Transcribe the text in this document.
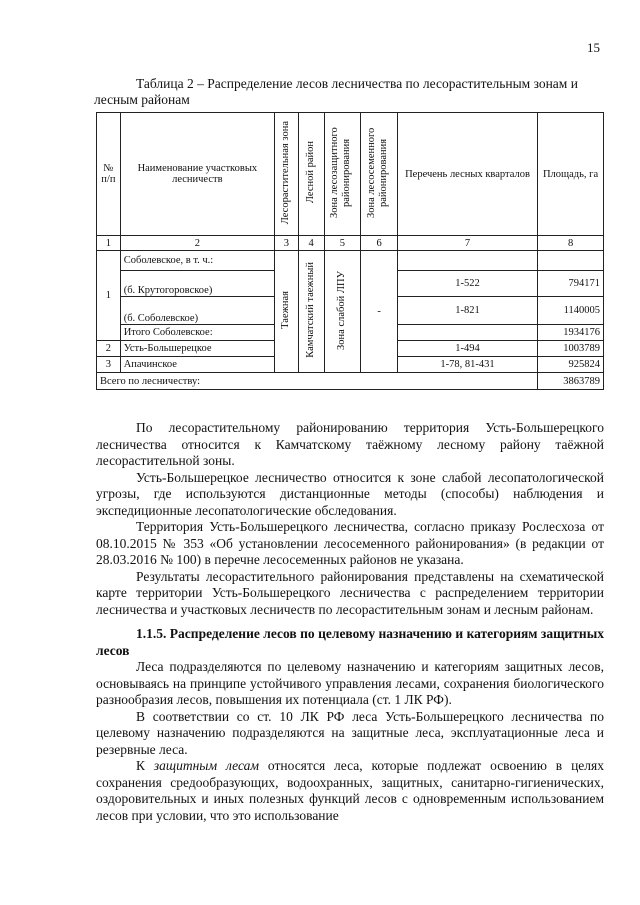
15
Таблица 2 – Распределение лесов лесничества по лесорастительным зонам и
лесным районам
№ п/п	Наименование участковых лесничеств	Лесорастительная зона	Лесной район	Зона лесозащитного районирования	Зона лесосеменного районирования	Перечень лесных кварталов	Площадь, га
1	2	3	4	5	6	7	8
1	Соболевское, в т. ч.:	Таежная	Камчатский таежный	Зона слабой ЛПУ	-		
	(б. Крутогоровское)					1-522	794171
	(б. Соболевское)					1-821	1140005
	Итого Соболевское:						1934176
2	Усть-Большерецкое					1-494	1003789
3	Апачинское					1-78, 81-431	925824
Всего по лесничеству:							3863789

По лесорастительному районированию территория Усть-Большерецкого лесничества относится к Камчатскому таёжному лесному району таёжной лесорастительной зоны.

Усть-Большерецкое лесничество относится к зоне слабой лесопатологической угрозы, где используются дистанционные методы (способы) наблюдения и экспедиционные лесопатологические обследования.

Территория Усть-Большерецкого лесничества, согласно приказу Рослесхоза от 08.10.2015 № 353 «Об установлении лесосеменного районирования» (в редакции от 28.03.2016 № 100) в перечне лесосеменных районов не указана.

Результаты лесорастительного районирования представлены на схематической карте территории Усть-Большерецкого лесничества с распределением территории лесничества и участковых лесничеств по лесорастительным зонам и лесным районам.

1.1.5. Распределение лесов по целевому назначению и категориям защитных лесов

Леса подразделяются по целевому назначению и категориям защитных лесов, основываясь на принципе устойчивого управления лесами, сохранения биологического разнообразия лесов, повышения их потенциала (ст. 1 ЛК РФ).

В соответствии со ст. 10 ЛК РФ леса Усть-Большерецкого лесничества по целевому назначению подразделяются на защитные леса, эксплуатационные леса и резервные леса.

К защитным лесам относятся леса, которые подлежат освоению в целях сохранения средообразующих, водоохранных, защитных, санитарно-гигиенических, оздоровительных и иных полезных функций лесов с одновременным использованием лесов при условии, что это использование
